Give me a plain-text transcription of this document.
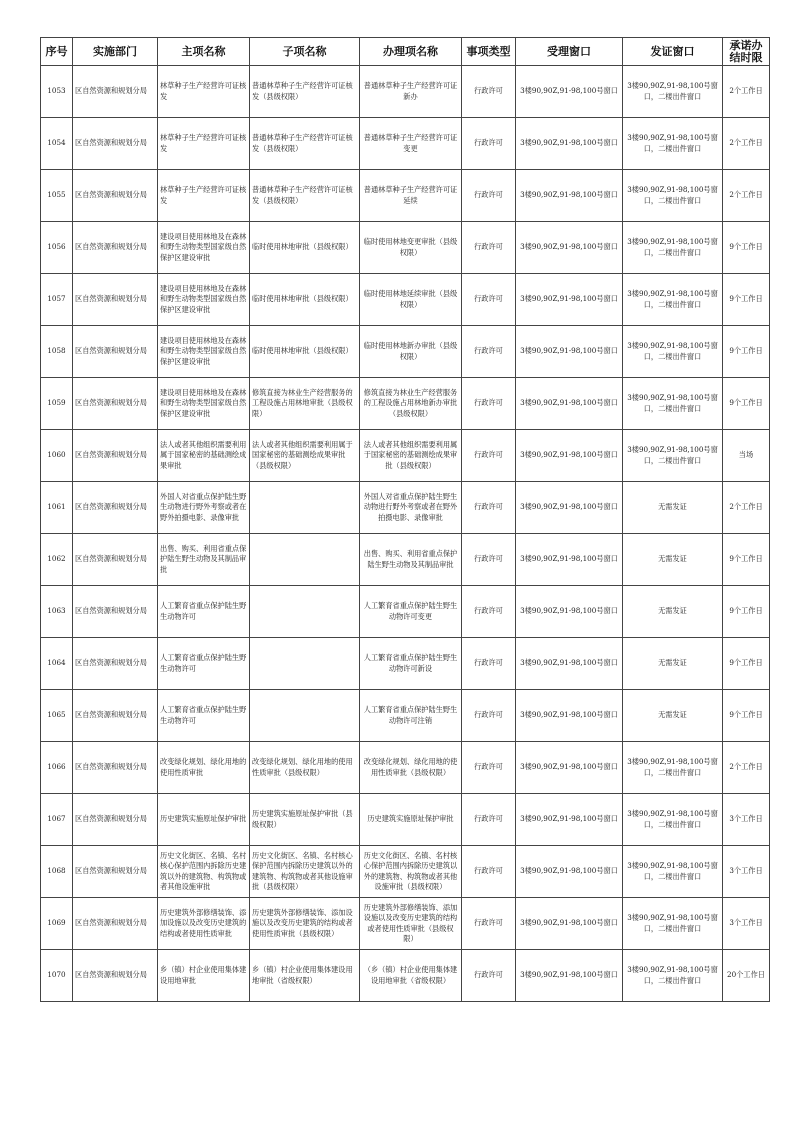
序号	实施部门	主项名称	子项名称	办理项名称	事项类型	受理窗口	发证窗口	承诺办结时限
1053	区自然资源和规划分局	林草种子生产经营许可证核发	普通林草种子生产经营许可证核发（县级权限）	普通林草种子生产经营许可证新办	行政许可	3楼90,90Z,91-98,100号窗口	3楼90,90Z,91-98,100号窗口，二楼出件窗口	2个工作日
1054	区自然资源和规划分局	林草种子生产经营许可证核发	普通林草种子生产经营许可证核发（县级权限）	普通林草种子生产经营许可证变更	行政许可	3楼90,90Z,91-98,100号窗口	3楼90,90Z,91-98,100号窗口，二楼出件窗口	2个工作日
1055	区自然资源和规划分局	林草种子生产经营许可证核发	普通林草种子生产经营许可证核发（县级权限）	普通林草种子生产经营许可证延续	行政许可	3楼90,90Z,91-98,100号窗口	3楼90,90Z,91-98,100号窗口，二楼出件窗口	2个工作日
1056	区自然资源和规划分局	建设项目使用林地及在森林和野生动物类型国家级自然保护区建设审批	临时使用林地审批（县级权限）	临时使用林地变更审批（县级权限）	行政许可	3楼90,90Z,91-98,100号窗口	3楼90,90Z,91-98,100号窗口，二楼出件窗口	9个工作日
1057	区自然资源和规划分局	建设项目使用林地及在森林和野生动物类型国家级自然保护区建设审批	临时使用林地审批（县级权限）	临时使用林地延续审批（县级权限）	行政许可	3楼90,90Z,91-98,100号窗口	3楼90,90Z,91-98,100号窗口，二楼出件窗口	9个工作日
1058	区自然资源和规划分局	建设项目使用林地及在森林和野生动物类型国家级自然保护区建设审批	临时使用林地审批（县级权限）	临时使用林地新办审批（县级权限）	行政许可	3楼90,90Z,91-98,100号窗口	3楼90,90Z,91-98,100号窗口，二楼出件窗口	9个工作日
1059	区自然资源和规划分局	建设项目使用林地及在森林和野生动物类型国家级自然保护区建设审批	修筑直接为林业生产经营服务的工程设施占用林地审批（县级权限）	修筑直接为林业生产经营服务的工程设施占用林地新办审批（县级权限）	行政许可	3楼90,90Z,91-98,100号窗口	3楼90,90Z,91-98,100号窗口，二楼出件窗口	9个工作日
1060	区自然资源和规划分局	法人或者其他组织需要利用属于国家秘密的基础测绘成果审批	法人或者其他组织需要利用属于国家秘密的基础测绘成果审批（县级权限）	法人或者其他组织需要利用属于国家秘密的基础测绘成果审批（县级权限）	行政许可	3楼90,90Z,91-98,100号窗口	3楼90,90Z,91-98,100号窗口，二楼出件窗口	当场
1061	区自然资源和规划分局	外国人对省重点保护陆生野生动物进行野外考察或者在野外拍摄电影、录像审批		外国人对省重点保护陆生野生动物进行野外考察或者在野外拍摄电影、录像审批	行政许可	3楼90,90Z,91-98,100号窗口	无需发证	2个工作日
1062	区自然资源和规划分局	出售、购买、利用省重点保护陆生野生动物及其制品审批		出售、购买、利用省重点保护陆生野生动物及其制品审批	行政许可	3楼90,90Z,91-98,100号窗口	无需发证	9个工作日
1063	区自然资源和规划分局	人工繁育省重点保护陆生野生动物许可		人工繁育省重点保护陆生野生动物许可变更	行政许可	3楼90,90Z,91-98,100号窗口	无需发证	9个工作日
1064	区自然资源和规划分局	人工繁育省重点保护陆生野生动物许可		人工繁育省重点保护陆生野生动物许可新设	行政许可	3楼90,90Z,91-98,100号窗口	无需发证	9个工作日
1065	区自然资源和规划分局	人工繁育省重点保护陆生野生动物许可		人工繁育省重点保护陆生野生动物许可注销	行政许可	3楼90,90Z,91-98,100号窗口	无需发证	9个工作日
1066	区自然资源和规划分局	改变绿化规划、绿化用地的使用性质审批	改变绿化规划、绿化用地的使用性质审批（县级权限）	改变绿化规划、绿化用地的使用性质审批（县级权限）	行政许可	3楼90,90Z,91-98,100号窗口	3楼90,90Z,91-98,100号窗口，二楼出件窗口	2个工作日
1067	区自然资源和规划分局	历史建筑实施原址保护审批	历史建筑实施原址保护审批（县级权限）	历史建筑实施原址保护审批	行政许可	3楼90,90Z,91-98,100号窗口	3楼90,90Z,91-98,100号窗口，二楼出件窗口	3个工作日
1068	区自然资源和规划分局	历史文化街区、名镇、名村核心保护范围内拆除历史建筑以外的建筑物、构筑物或者其他设施审批	历史文化街区、名镇、名村核心保护范围内拆除历史建筑以外的建筑物、构筑物或者其他设施审批（县级权限）	历史文化街区、名镇、名村核心保护范围内拆除历史建筑以外的建筑物、构筑物或者其他设施审批（县级权限）	行政许可	3楼90,90Z,91-98,100号窗口	3楼90,90Z,91-98,100号窗口，二楼出件窗口	3个工作日
1069	区自然资源和规划分局	历史建筑外部修缮装饰、添加设施以及改变历史建筑的结构或者使用性质审批	历史建筑外部修缮装饰、添加设施以及改变历史建筑的结构或者使用性质审批（县级权限）	历史建筑外部修缮装饰、添加设施以及改变历史建筑的结构或者使用性质审批（县级权限）	行政许可	3楼90,90Z,91-98,100号窗口	3楼90,90Z,91-98,100号窗口，二楼出件窗口	3个工作日
1070	区自然资源和规划分局	乡（镇）村企业使用集体建设用地审批	乡（镇）村企业使用集体建设用地审批（省级权限）	（乡（镇）村企业使用集体建设用地审批（省级权限）	行政许可	3楼90,90Z,91-98,100号窗口	3楼90,90Z,91-98,100号窗口，二楼出件窗口	20个工作日
